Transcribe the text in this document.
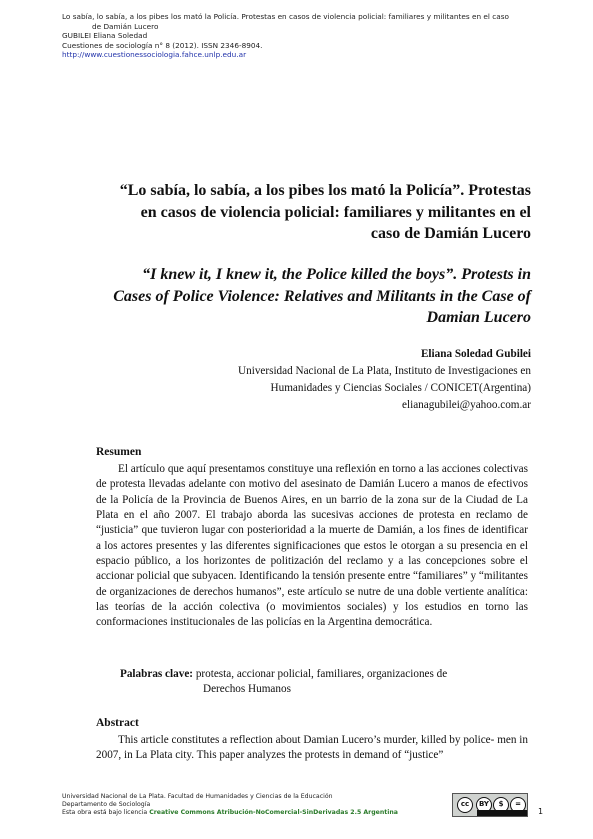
Lo sabía, lo sabía, a los pibes los mató la Policía. Protestas en casos de violencia policial: familiares y militantes en el caso
de Damián Lucero
GUBILEI Eliana Soledad
Cuestiones de sociología n° 8 (2012). ISSN 2346-8904.
http://www.cuestionessociologia.fahce.unlp.edu.ar
“Lo sabía, lo sabía, a los pibes los mató la Policía”. Protestas en casos de violencia policial: familiares y militantes en el caso de Damián Lucero
“I knew it, I knew it, the Police killed the boys”. Protests in Cases of Police Violence: Relatives and Militants in the Case of Damian Lucero
Eliana Soledad Gubilei
Universidad Nacional de La Plata, Instituto de Investigaciones en Humanidades y Ciencias Sociales / CONICET(Argentina)
elianagubilei@yahoo.com.ar
Resumen
El artículo que aquí presentamos constituye una reflexión en torno a las acciones colectivas de protesta llevadas adelante con motivo del asesinato de Damián Lucero a manos de efectivos de la Policía de la Provincia de Buenos Aires, en un barrio de la zona sur de la Ciudad de La Plata en el año 2007. El trabajo aborda las sucesivas acciones de protesta en reclamo de “justicia” que tuvieron lugar con posterioridad a la muerte de Damián, a los fines de identificar a los actores presentes y las diferentes significaciones que estos le otorgan a su presencia en el espacio público, a los horizontes de politización del reclamo y a las concepciones sobre el accionar policial que subyacen. Identificando la tensión presente entre “familiares” y “militantes de organizaciones de derechos humanos”, este artículo se nutre de una doble vertiente analítica: las teorías de la acción colectiva (o movimientos sociales) y los estudios en torno las conformaciones institucionales de las policías en la Argentina democrática.
Palabras clave: protesta, accionar policial, familiares, organizaciones de
Derechos Humanos
Abstract
This article constitutes a reflection about Damian Lucero’s murder, killed by police- men in 2007, in La Plata city. This paper analyzes the protests in demand of “justice”
Universidad Nacional de La Plata. Facultad de Humanidades y Ciencias de la Educación
Departamento de Sociología
Esta obra está bajo licencia Creative Commons Atribución-NoComercial-SinDerivadas 2.5 Argentina
cc	BY	$	=
1
